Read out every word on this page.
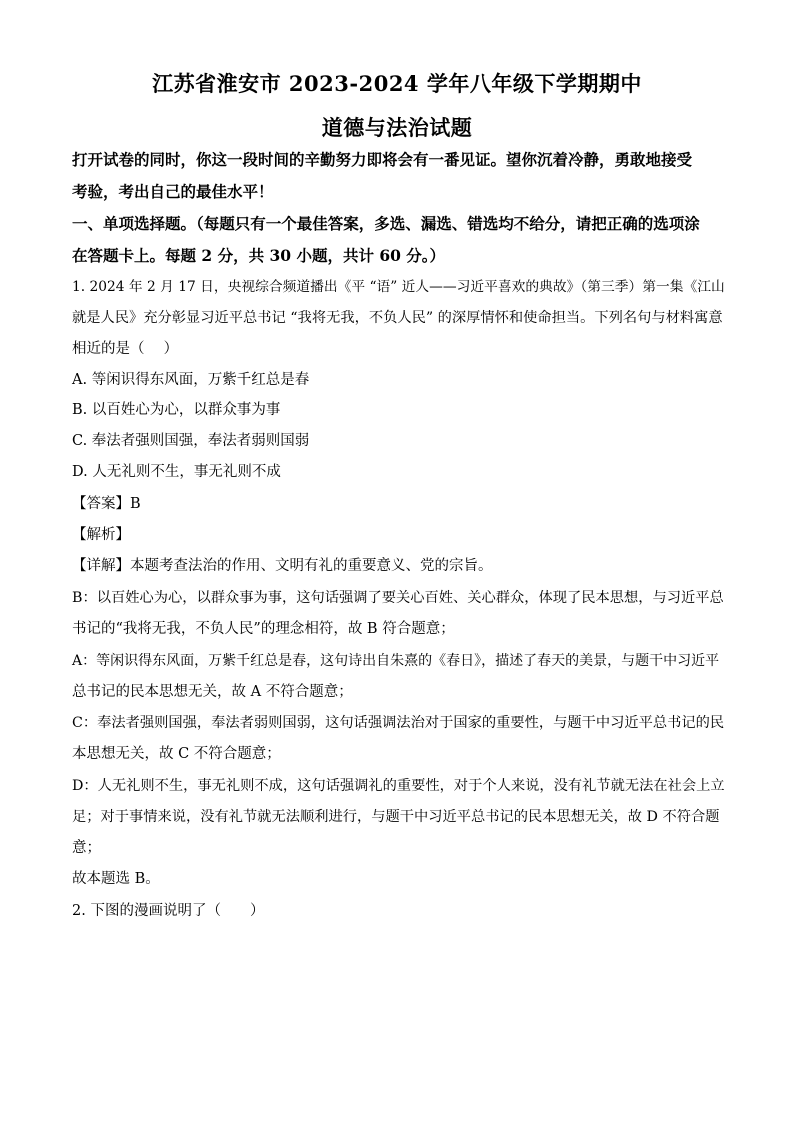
江苏省淮安市 2023-2024 学年八年级下学期期中
道德与法治试题
打开试卷的同时，你这一段时间的辛勤努力即将会有一番见证。望你沉着冷静，勇敢地接受
考验，考出自己的最佳水平！
一、单项选择题。（每题只有一个最佳答案，多选、漏选、错选均不给分，请把正确的选项涂
在答题卡上。每题 2 分，共 30 小题，共计 60 分。）
1. 2024 年 2 月 17 日，央视综合频道播出《平 “语” 近人——习近平喜欢的典故》（第三季）第一集《江山
就是人民》充分彰显习近平总书记 “我将无我，不负人民” 的深厚情怀和使命担当。下列名句与材料寓意
相近的是（　 ）
A. 等闲识得东风面，万紫千红总是春
B. 以百姓心为心，以群众事为事
C. 奉法者强则国强，奉法者弱则国弱
D. 人无礼则不生，事无礼则不成
【答案】B
【解析】
【详解】本题考查法治的作用、文明有礼的重要意义、党的宗旨。
B：以百姓心为心，以群众事为事，这句话强调了要关心百姓、关心群众，体现了民本思想，与习近平总
书记的“我将无我，不负人民”的理念相符，故 B 符合题意；
A：等闲识得东风面，万紫千红总是春，这句诗出自朱熹的《春日》，描述了春天的美景，与题干中习近平
总书记的民本思想无关，故 A 不符合题意；
C：奉法者强则国强，奉法者弱则国弱，这句话强调法治对于国家的重要性，与题干中习近平总书记的民
本思想无关，故 C 不符合题意；
D：人无礼则不生，事无礼则不成，这句话强调礼的重要性，对于个人来说，没有礼节就无法在社会上立
足；对于事情来说，没有礼节就无法顺利进行，与题干中习近平总书记的民本思想无关，故 D 不符合题
意；
故本题选 B。
2. 下图的漫画说明了（　　）
